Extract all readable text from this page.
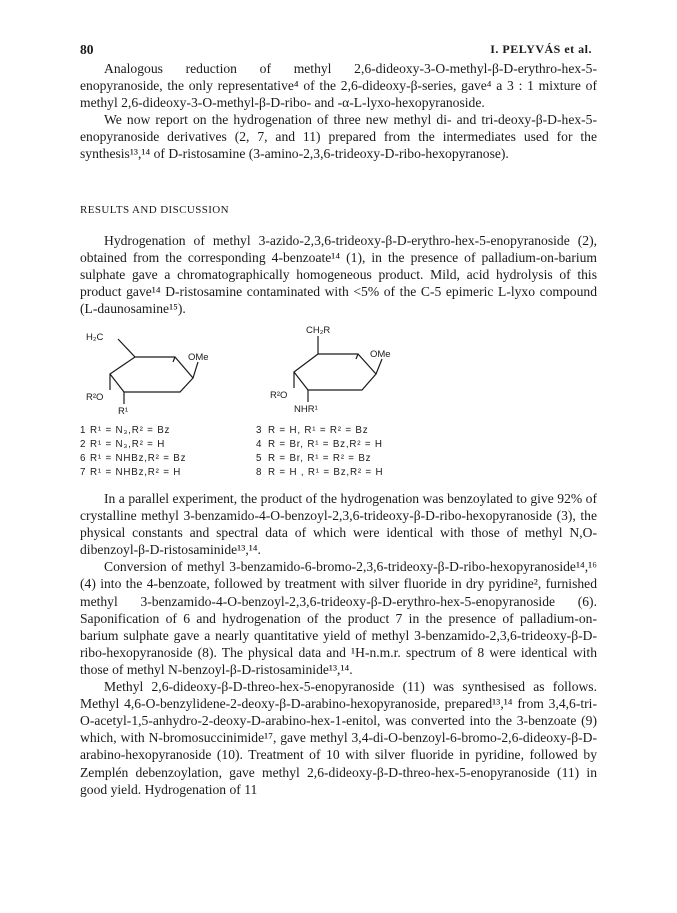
80	I. PELYVÁS et al.

Analogous reduction of methyl 2,6-dideoxy-3-O-methyl-β-D-erythro-hex-5-enopyranoside, the only representative⁴ of the 2,6-dideoxy-β-series, gave⁴ a 3 : 1 mixture of methyl 2,6-dideoxy-3-O-methyl-β-D-ribo- and -α-L-lyxo-hexopyranoside.

We now report on the hydrogenation of three new methyl di- and tri-deoxy-β-D-hex-5-enopyranoside derivatives (2, 7, and 11) prepared from the intermediates used for the synthesis¹³,¹⁴ of D-ristosamine (3-amino-2,3,6-trideoxy-D-ribo-hexopyranose).

RESULTS AND DISCUSSION

Hydrogenation of methyl 3-azido-2,3,6-trideoxy-β-D-erythro-hex-5-enopyranoside (2), obtained from the corresponding 4-benzoate¹⁴ (1), in the presence of palladium-on-barium sulphate gave a chromatographically homogeneous product. Mild, acid hydrolysis of this product gave¹⁴ D-ristosamine contaminated with <5% of the C-5 epimeric L-lyxo compound (L-daunosamine¹⁵).

H₂C
OMe
R²O
R¹
1 R¹ = N₃,R² = Bz
2 R¹ = N₃,R² = H
6 R¹ = NHBz,R² = Bz
7 R¹ = NHBz,R² = H
CH₂R
OMe
R²O
NHR¹
3 R = H, R¹ = R² = Bz
4 R = Br, R¹ = Bz,R² = H
5 R = Br, R¹ = R² = Bz
8 R = H , R¹ = Bz,R² = H

In a parallel experiment, the product of the hydrogenation was benzoylated to give 92% of crystalline methyl 3-benzamido-4-O-benzoyl-2,3,6-trideoxy-β-D-ribo-hexopyranoside (3), the physical constants and spectral data of which were identical with those of methyl N,O-dibenzoyl-β-D-ristosaminide¹³,¹⁴.

Conversion of methyl 3-benzamido-6-bromo-2,3,6-trideoxy-β-D-ribo-hexopyranoside¹⁴,¹⁶ (4) into the 4-benzoate, followed by treatment with silver fluoride in dry pyridine², furnished methyl 3-benzamido-4-O-benzoyl-2,3,6-trideoxy-β-D-erythro-hex-5-enopyranoside (6). Saponification of 6 and hydrogenation of the product 7 in the presence of palladium-on-barium sulphate gave a nearly quantitative yield of methyl 3-benzamido-2,3,6-trideoxy-β-D-ribo-hexopyranoside (8). The physical data and ¹H-n.m.r. spectrum of 8 were identical with those of methyl N-benzoyl-β-D-ristosaminide¹³,¹⁴.

Methyl 2,6-dideoxy-β-D-threo-hex-5-enopyranoside (11) was synthesised as follows. Methyl 4,6-O-benzylidene-2-deoxy-β-D-arabino-hexopyranoside, prepared¹³,¹⁴ from 3,4,6-tri-O-acetyl-1,5-anhydro-2-deoxy-D-arabino-hex-1-enitol, was converted into the 3-benzoate (9) which, with N-bromosuccinimide¹⁷, gave methyl 3,4-di-O-benzoyl-6-bromo-2,6-dideoxy-β-D-arabino-hexopyranoside (10). Treatment of 10 with silver fluoride in pyridine, followed by Zemplén debenzoylation, gave methyl 2,6-dideoxy-β-D-threo-hex-5-enopyranoside (11) in good yield. Hydrogenation of 11
